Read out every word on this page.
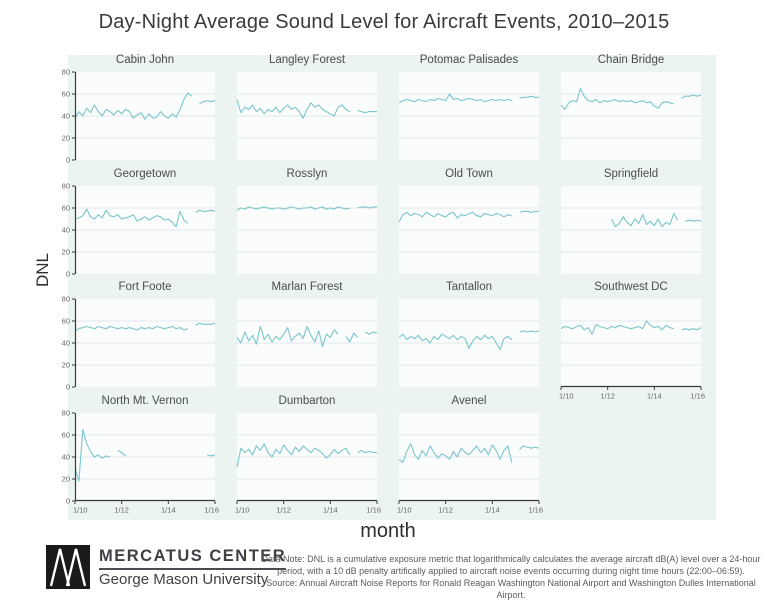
Day-Night Average Sound Level for Aircraft Events, 2010–2015
DNL
Cabin John
0
20
40
60
80
Langley Forest	Potomac Palisades	Chain Bridge
Georgetown
0
20
40
60
80
Rosslyn	Old Town	Springfield
Fort Foote
0
20
40
60
80
Marlan Forest	Tantallon	Southwest DC
1/10	1/12	1/14	1/16
North Mt. Vernon
0
20
40
60
80
1/10	1/12	1/14	1/16
Dumbarton
1/10	1/12	1/14	1/16
Avenel
1/10	1/12	1/14	1/16
month
MERCATUS CENTER
George Mason University
Data Note: DNL is a cumulative exposure metric that logarithmically calculates the average aircraft dB(A) level over a 24-hour
period, with a 10 dB penalty artifically applied to aircraft noise events occurring during night time hours (22:00–06:59).
Source: Annual Aircraft Noise Reports for Ronald Reagan Washington National Airport and Washington Dulles International Airport.
